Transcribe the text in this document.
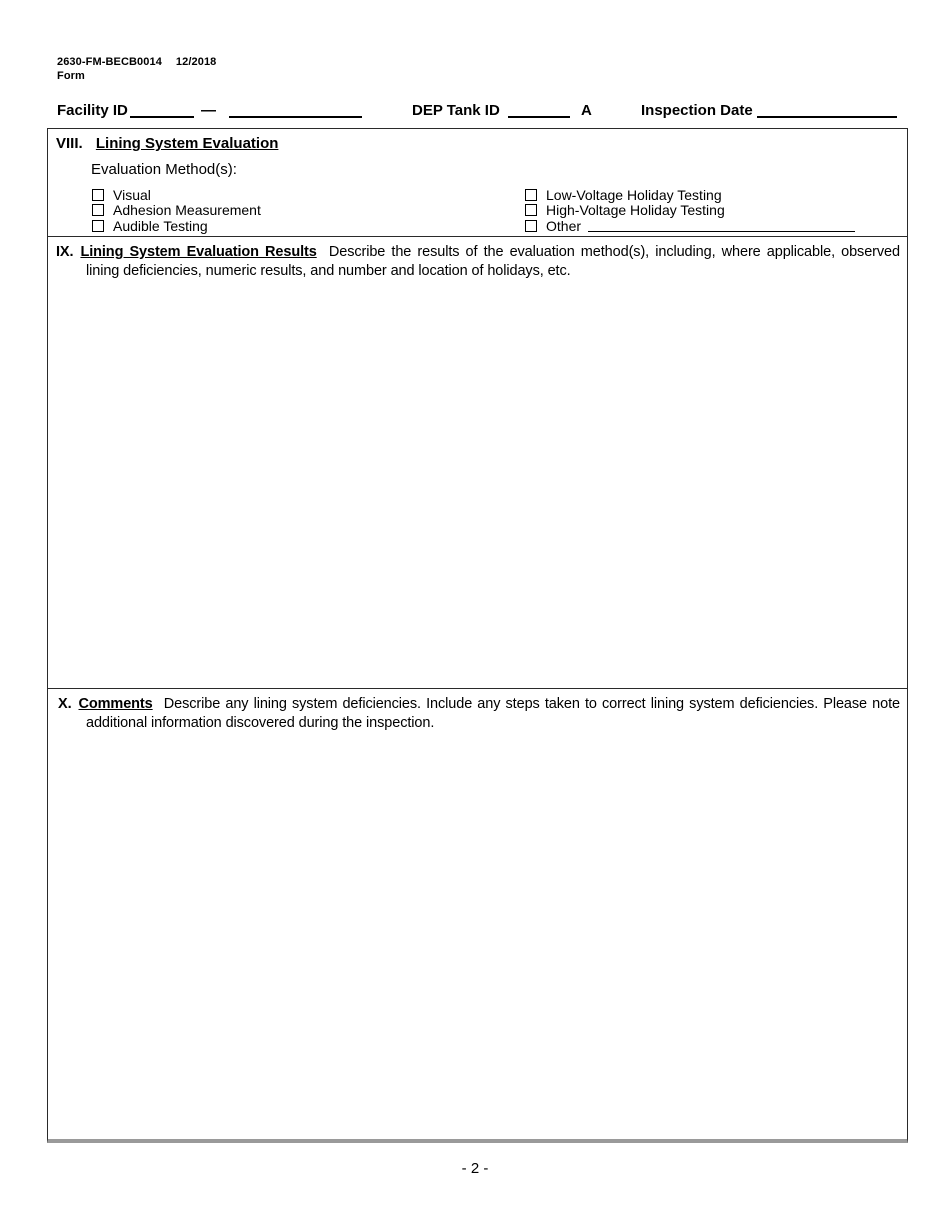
2630-FM-BECB0014 12/2018
Form
Facility ID	—	DEP Tank ID	A	Inspection Date
VIII. Lining System Evaluation
Evaluation Method(s):
Visual	Low-Voltage Holiday Testing
Adhesion Measurement	High-Voltage Holiday Testing
Audible Testing	Other

IX. Lining System Evaluation Results Describe the results of the evaluation method(s), including, where applicable, observed lining deficiencies, numeric results, and number and location of holidays, etc.

X. Comments Describe any lining system deficiencies. Include any steps taken to correct lining system deficiencies. Please note additional information discovered during the inspection.

- 2 -
